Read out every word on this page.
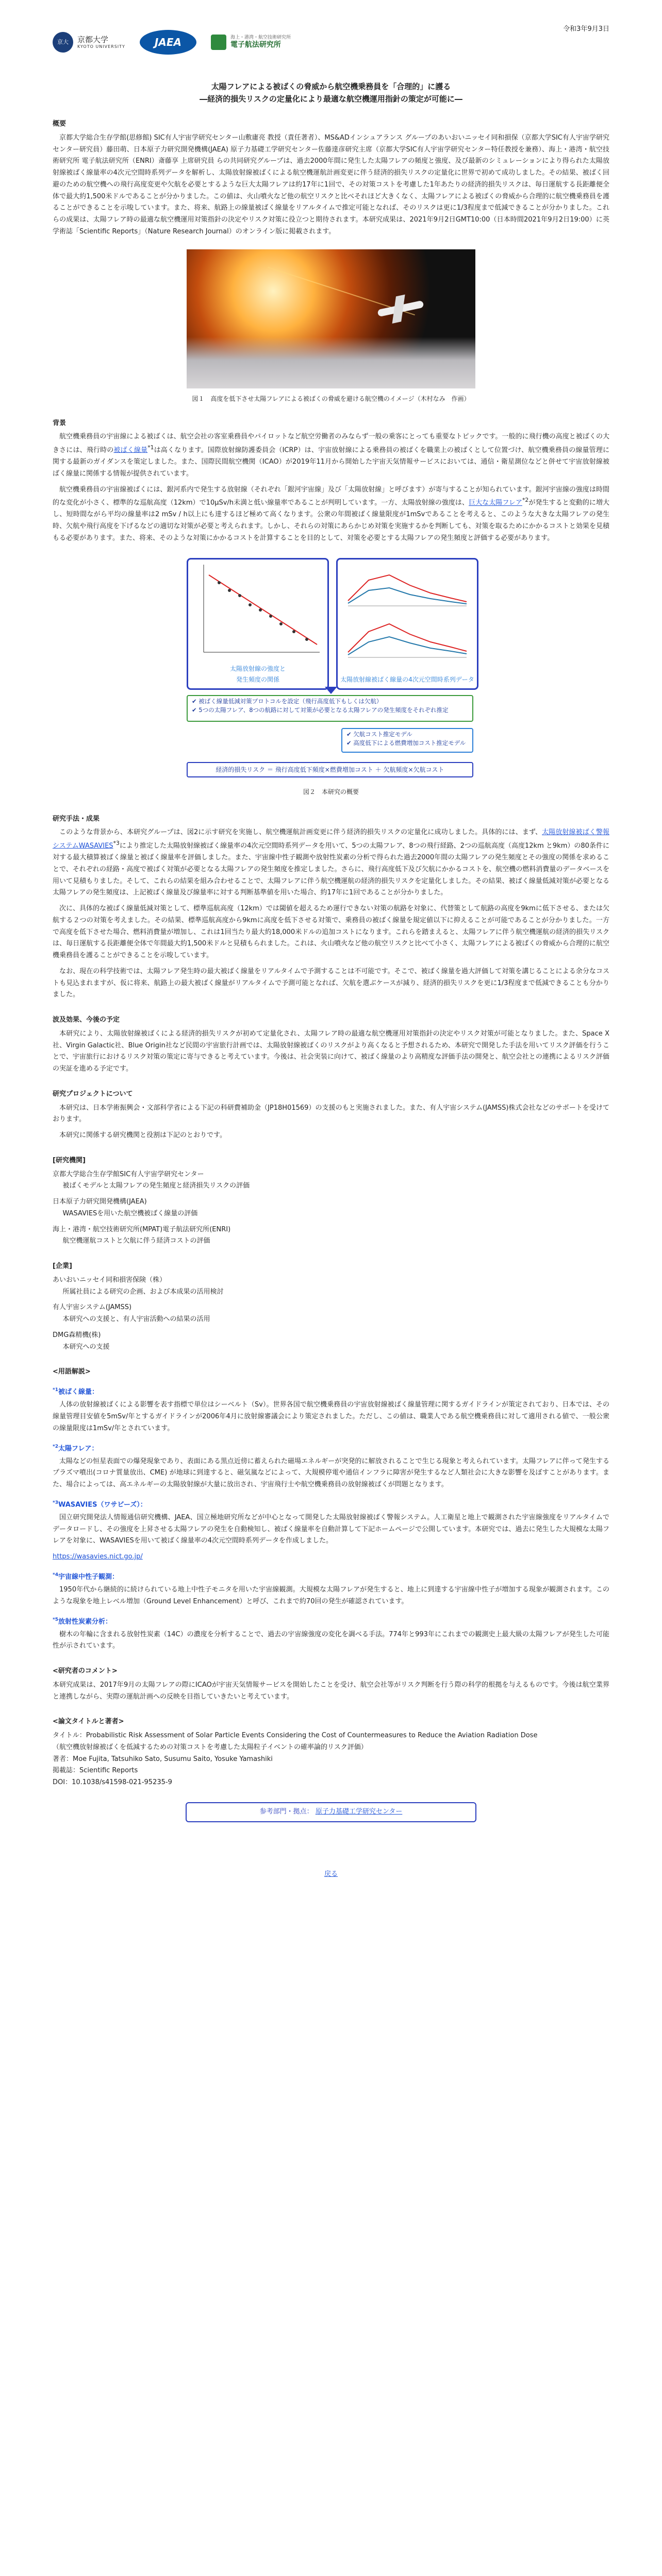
京大	京都大学
KYOTO UNIVERSITY	JAEA	海上・港湾・航空技術研究所
電子航法研究所
令和3年9月3日
太陽フレアによる被ばくの脅威から航空機乗務員を「合理的」に護る
―経済的損失リスクの定量化により最適な航空機運用指針の策定が可能に―
概要

京都大学総合生存学館(思修館) SIC有人宇宙学研究センター山敷庸亮 教授（責任著者）、MS&ADインシュアランス グループのあいおいニッセイ同和損保（京都大学SIC有人宇宙学研究センター研究員）藤田萌、日本原子力研究開発機構(JAEA) 原子力基礎工学研究センター佐藤達彦研究主席（京都大学SIC有人宇宙学研究センター特任教授を兼務）、海上・港湾・航空技術研究所 電子航法研究所（ENRI）斎藤享 上席研究員 らの共同研究グループは、過去2000年間に発生した太陽フレアの頻度と強度、及び最新のシミュレーションにより得られた太陽放射線被ばく線量率の4次元空間時系列データを解析し、太陽放射線被ばくによる航空機運航計画変更に伴う経済的損失リスクの定量化に世界で初めて成功しました。その結果、被ばく回避のための航空機への飛行高度変更や欠航を必要とするような巨大太陽フレアは約17年に1回で、その対策コストを考慮した1年あたりの経済的損失リスクは、毎日運航する長距離便全体で最大約1,500米ドルであることが分かりました。この値は、火山噴火など他の航空リスクと比べそれほど大きくなく、太陽フレアによる被ばくの脅威から合理的に航空機乗務員を護ることができることを示唆しています。また、将来、航路上の線量被ばく線量をリアルタイムで推定可能となれば、そのリスクは更に1/3程度まで低減できることが分かりました。これらの成果は、太陽フレア時の最適な航空機運用対策指針の決定やリスク対策に役立つと期待されます。本研究成果は、2021年9月2日GMT10:00（日本時間2021年9月2日19:00）に英学術誌「Scientific Reports」（Nature Research Journal）のオンライン版に掲載されます。

図１　高度を低下させ太陽フレアによる被ばくの脅威を避ける航空機のイメージ（木村なみ　作画）
背景

航空機乗務員の宇宙線による被ばくは、航空会社の客室乗務員やパイロットなど航空労働者のみならず一般の乗客にとっても重要なトピックです。一般的に飛行機の高度と被ばくの大きさには、飛行時の被ばく線量$^{*1}$は高くなります。国際放射線防護委員会（ICRP）は、宇宙放射線による乗務員の被ばくを職業上の被ばくとして位置づけ、航空機乗務員の線量管理に関する最新のガイダンスを策定しました。また、国際民間航空機関（ICAO）が2019年11月から開始した宇宙天気情報サービスにおいては、通信・衛星測位などと併せて宇宙放射線被ばく線量に関係する情報が提供されています。

航空機乗務員の宇宙線被ばくには、銀河系内で発生する放射線（それぞれ「銀河宇宙線」及び「太陽放射線」と呼びます）が寄与することが知られています。銀河宇宙線の強度は時間的な変化が小さく、標準的な巡航高度（12km）で10μSv/h未満と低い線量率であることが判明しています。一方、太陽放射線の強度は、巨大な太陽フレア$^{*2}$が発生すると変動的に増大し、短時間ながら平均の線量率は2 mSv / h以上にも達するほど極めて高くなります。公衆の年間被ばく線量限度が1mSvであることを考えると、このような大きな太陽フレアの発生時、欠航や飛行高度を下げるなどの適切な対策が必要と考えられます。しかし、それらの対策にあらかじめ対策を実施するかを判断しても、対策を取るためにかかるコストと効果を見積もる必要があります。また、将来、そのような対策にかかるコストを計算することを目的として、対策を必要とする太陽フレアの発生頻度と評価する必要があります。

太陽放射線の強度と
発生頻度の関係	太陽放射線被ばく線量の4次元空間時系列データ
✔ 被ばく線量低減対策プロトコルを設定（飛行高度低下もしくは欠航）
✔ 5つの太陽フレア、8つの航路に対して対策が必要となる太陽フレアの発生頻度をそれぞれ推定
✔ 欠航コスト推定モデル
✔ 高度低下による燃費増加コスト推定モデル
経済的損失リスク ＝ 飛行高度低下頻度×燃費増加コスト ＋ 欠航頻度×欠航コスト
図２　本研究の概要
研究手法・成果

このような背景から、本研究グループは、図2に示す研究を実施し、航空機運航計画変更に伴う経済的損失リスクの定量化に成功しました。具体的には、まず、太陽放射線被ばく警報システムWASAVIES$^{*3}$により推定した太陽放射線被ばく線量率の4次元空間時系列データを用いて、5つの太陽フレア、8つの飛行経路、2つの巡航高度（高度12km と9km）の80条件に対する最大積算被ばく線量と被ばく線量率を評価しました。また、宇宙線中性子観測や放射性炭素の分析で得られた過去2000年間の太陽フレアの発生頻度とその強度の関係を求めることで、それぞれの経路・高度で被ばく対策が必要となる太陽フレアの発生頻度を推定しました。さらに、飛行高度低下及び欠航にかかるコストを、航空機の燃料消費量のデータベースを用いて見積もりました。そして、これらの結果を組み合わせることで、太陽フレアに伴う航空機運航の経済的損失リスクを定量化しました。その結果、被ばく線量低減対策が必要となる太陽フレアの発生頻度は、上記被ばく線量及び線量率に対する判断基準値を用いた場合、約17年に1回であることが分かりました。

次に、具体的な被ばく線量低減対策として、標準巡航高度（12km）では閾値を超えるため運行できない対策の航路を対象に、代替策として航路の高度を9kmに低下させる、または欠航する２つの対策を考えました。その結果、標準巡航高度から9kmに高度を低下させる対策で、乗務員の被ばく線量を規定値以下に抑えることが可能であることが分かりました。一方で高度を低下させた場合、燃料消費量が増加し、これは1回当たり最大約18,000米ドルの追加コストになります。これらを踏まえると、太陽フレアに伴う航空機運航の経済的損失リスクは、毎日運航する長距離便全体で年間最大約1,500米ドルと見積もられました。これは、火山噴火など他の航空リスクと比べて小さく、太陽フレアによる被ばくの脅威から合理的に航空機乗務員を護ることができることを示唆しています。

なお、現在の科学技術では、太陽フレア発生時の最大被ばく線量をリアルタイムで予測することは不可能です。そこで、被ばく線量を過大評価して対策を講じることによる余分なコストも見込まれますが、仮に将来、航路上の最大被ばく線量がリアルタイムで予測可能となれば、欠航を選ぶケースが減り、経済的損失リスクを更に1/3程度まで低減できることも分かりました。

波及効果、今後の予定

本研究により、太陽放射線被ばくによる経済的損失リスクが初めて定量化され、太陽フレア時の最適な航空機運用対策指針の決定やリスク対策が可能となりました。また、Space X 社、Virgin Galactic社、Blue Origin社など民間の宇宙旅行計画では、太陽放射線被ばくのリスクがより高くなると予想されるため、本研究で開発した手法を用いてリスク評価を行うことで、宇宙旅行におけるリスク対策の策定に寄与できると考えています。今後は、社会実装に向けて、被ばく線量のより高精度な評価手法の開発と、航空会社との連携によるリスク評価の実証を進める予定です。

研究プロジェクトについて

本研究は、日本学術振興会・文部科学省による下記の科研費補助金（JP18H01569）の支援のもと実施されました。また、有人宇宙システム(JAMSS)株式会社などのサポートを受けております。

本研究に関係する研究機関と役割は下記のとおりです。

[研究機関]

京都大学総合生存学館SIC有人宇宙学研究センター

被ばくモデルと太陽フレアの発生頻度と経済損失リスクの評価

日本原子力研究開発機構(JAEA)

WASAVIESを用いた航空機被ばく線量の評価

海上・港湾・航空技術研究所(MPAT)電子航法研究所(ENRI)

航空機運航コストと欠航に伴う経済コストの評価

[企業]

あいおいニッセイ同和損害保険（株）

所属社員による研究の企画、および本成果の活用検討

有人宇宙システム(JAMSS)

本研究への支援と、有人宇宙活動への結果の活用

DMG森精機(株)

本研究への支援

<用語解説>
$^{*1}$被ばく線量：

人体の放射線被ばくによる影響を表す指標で単位はシーベルト（Sv）。世界各国で航空機乗務員の宇宙放射線被ばく線量管理に関するガイドラインが策定されており、日本では、その線量管理目安値を5mSv/年とするガイドラインが2006年4月に放射線審議会により策定されました。ただし、この値は、職業人である航空機乗務員に対して適用される値で、一般公衆の線量限度は1mSv/年とされています。

$^{*2}$太陽フレア：

太陽などの恒星表面での爆発現象であり、表面にある黒点近傍に蓄えられた磁場エネルギーが突発的に解放されることで生じる現象と考えられています。太陽フレアに伴って発生するプラズマ噴出(コロナ質量放出、CME) が地球に到達すると、磁気嵐などによって、大規模停電や通信インフラに障害が発生するなど人類社会に大きな影響を及ぼすことがあります。また、場合によっては、高エネルギーの太陽放射線が大量に放出され、宇宙飛行士や航空機乗務員の放射線被ばくが問題となります。

$^{*3}$WASAVIES（ワサビーズ）：

国立研究開発法人情報通信研究機構、JAEA、国立極地研究所などが中心となって開発した太陽放射線被ばく警報システム。人工衛星と地上で観測された宇宙線強度をリアルタイムでデータロードし、その強度を上昇させる太陽フレアの発生を自動検知し、被ばく線量率を自動計算して下記ホームページで公開しています。本研究では、過去に発生した大規模な太陽フレアを対象に、WASAVIESを用いて被ばく線量率の4次元空間時系列データを作成しました。

https://wasavies.nict.go.jp/

$^{*4}$宇宙線中性子観測：

1950年代から継続的に続けられている地上中性子モニタを用いた宇宙線観測。大規模な太陽フレアが発生すると、地上に到達する宇宙線中性子が増加する現象が観測されます。このような現象を地上レベル増加（Ground Level Enhancement）と呼び、これまで約70回の発生が確認されています。

$^{*5}$放射性炭素分析：

樹木の年輪に含まれる放射性炭素（14C）の濃度を分析することで、過去の宇宙線強度の変化を調べる手法。774年と993年にこれまでの観測史上最大級の太陽フレアが発生した可能性が示されています。

<研究者のコメント>

本研究成果は、2017年9月の太陽フレアの際にICAOが宇宙天気情報サービスを開始したことを受け、航空会社等がリスク判断を行う際の科学的根拠を与えるものです。今後は航空業界と連携しながら、実際の運航計画への反映を目指していきたいと考えています。

<論文タイトルと著者>

タイトル：Probabilistic Risk Assessment of Solar Particle Events Considering the Cost of Countermeasures to Reduce the Aviation Radiation Dose

（航空機放射線被ばくを低減するための対策コストを考慮した太陽粒子イベントの確率論的リスク評価）

著者：Moe Fujita, Tatsuhiko Sato, Susumu Saito, Yosuke Yamashiki

掲載誌：Scientific Reports

DOI：10.1038/s41598-021-95235-9

参考部門・拠点： 原子力基礎工学研究センター
戻る
